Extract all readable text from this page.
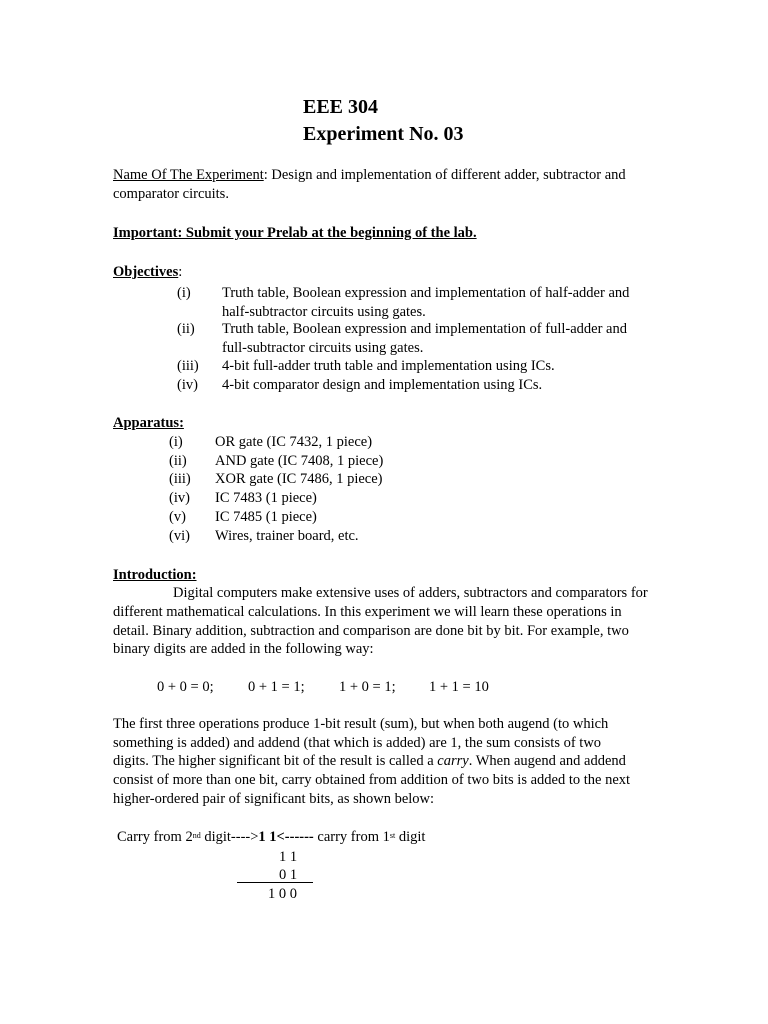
EEE 304
Experiment No. 03
Name Of The Experiment: Design and implementation of different adder, subtractor and
comparator circuits.
Important: Submit your Prelab at the beginning of the lab.
Objectives:
(i) Truth table, Boolean expression and implementation of half-adder and
half-subtractor circuits using gates.
(ii) Truth table, Boolean expression and implementation of full-adder and
full-subtractor circuits using gates.
(iii) 4-bit full-adder truth table and implementation using ICs.
(iv) 4-bit comparator design and implementation using ICs.
Apparatus:
(i) OR gate (IC 7432, 1 piece)
(ii) AND gate (IC 7408, 1 piece)
(iii) XOR gate (IC 7486, 1 piece)
(iv) IC 7483 (1 piece)
(v) IC 7485 (1 piece)
(vi) Wires, trainer board, etc.
Introduction:
Digital computers make extensive uses of adders, subtractors and comparators for
different mathematical calculations. In this experiment we will learn these operations in
detail. Binary addition, subtraction and comparison are done bit by bit. For example, two
binary digits are added in the following way:
0 + 0 = 0; 0 + 1 = 1; 1 + 0 = 1; 1 + 1 = 10
The first three operations produce 1-bit result (sum), but when both augend (to which
something is added) and addend (that which is added) are 1, the sum consists of two
digits. The higher significant bit of the result is called a carry. When augend and addend
consist of more than one bit, carry obtained from addition of two bits is added to the next
higher-ordered pair of significant bits, as shown below:
Carry from 2nd digit---->1 1<------ carry from 1st digit
1 1
0 1
1 0 0
